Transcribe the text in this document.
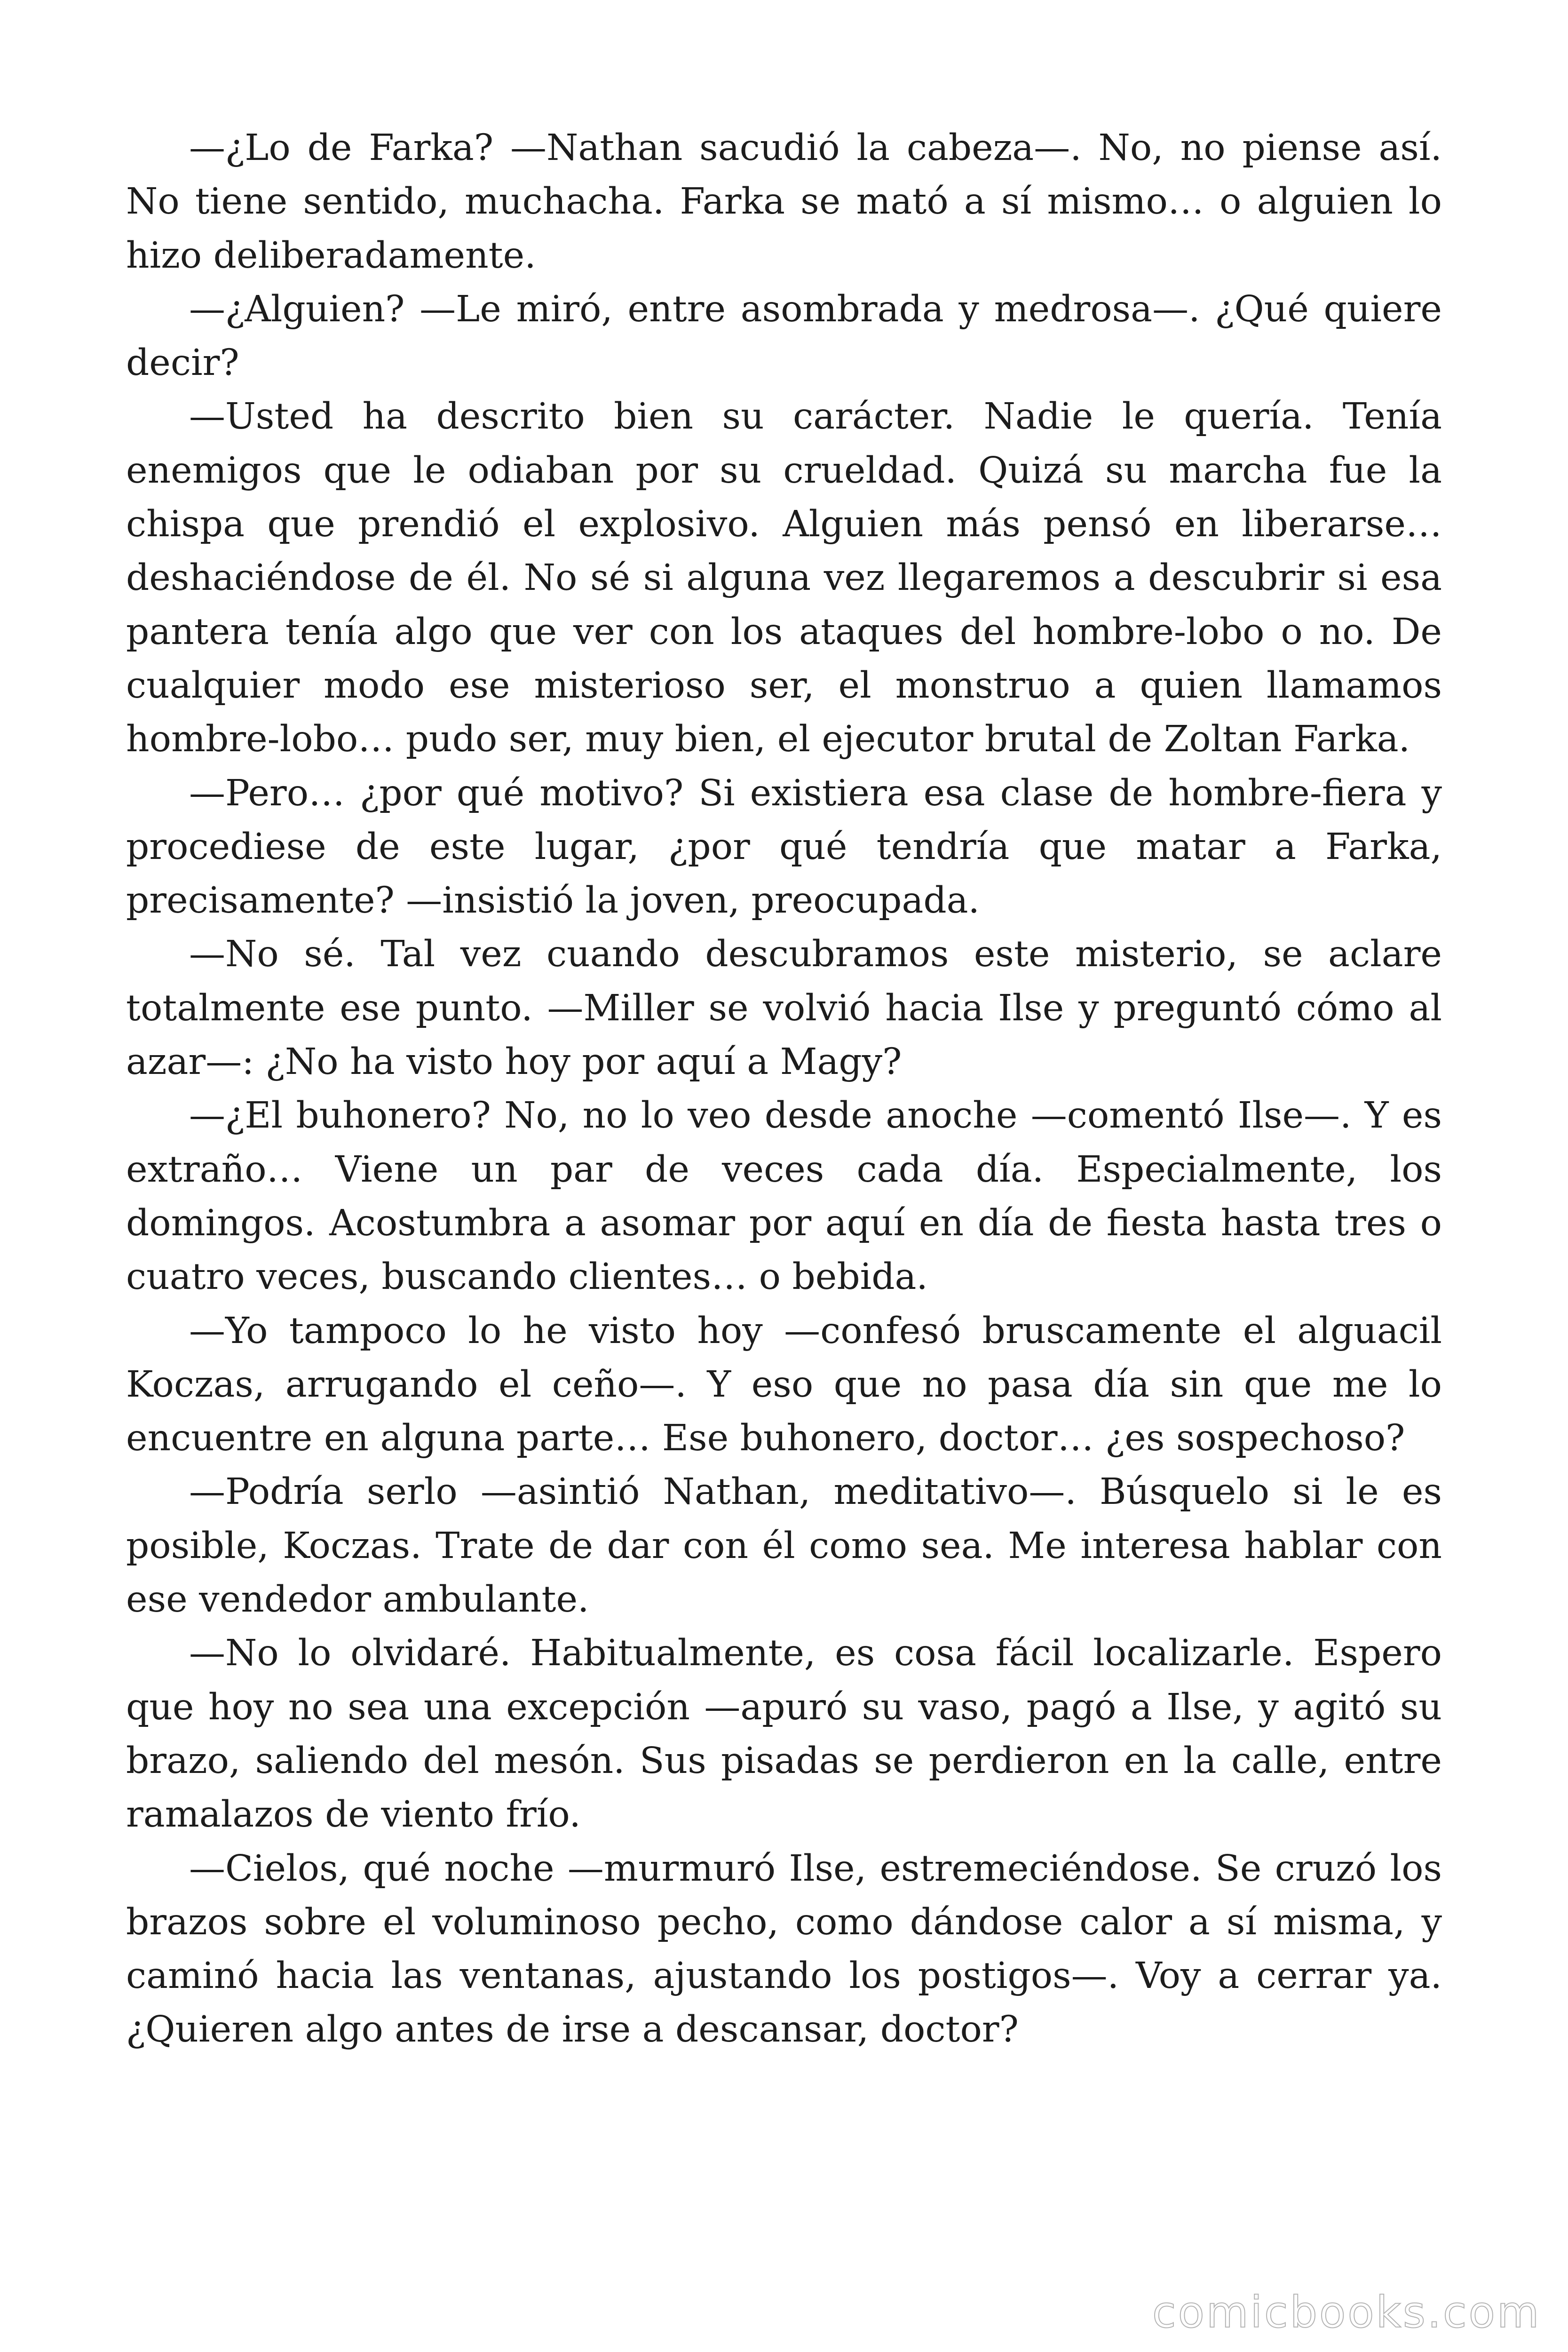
—¿Lo de Farka? —Nathan sacudió la cabeza—. No, no piense así. No tiene sentido, muchacha. Farka se mató a sí mismo… o alguien lo hizo deliberadamente.

—¿Alguien? —Le miró, entre asombrada y medrosa—. ¿Qué quiere decir?

—Usted ha descrito bien su carácter. Nadie le quería. Tenía enemigos que le odiaban por su crueldad. Quizá su marcha fue la chispa que prendió el explosivo. Alguien más pensó en liberarse… deshaciéndose de él. No sé si alguna vez llegaremos a descubrir si esa pantera tenía algo que ver con los ataques del hombre-lobo o no. De cualquier modo ese misterioso ser, el monstruo a quien llamamos hombre-lobo… pudo ser, muy bien, el ejecutor brutal de Zoltan Farka.

—Pero… ¿por qué motivo? Si existiera esa clase de hombre-fiera y procediese de este lugar, ¿por qué tendría que matar a Farka, precisamente? —insistió la joven, preocupada.

—No sé. Tal vez cuando descubramos este misterio, se aclare totalmente ese punto. —Miller se volvió hacia Ilse y preguntó cómo al azar—: ¿No ha visto hoy por aquí a Magy?

—¿El buhonero? No, no lo veo desde anoche —comentó Ilse—. Y es extraño… Viene un par de veces cada día. Especialmente, los domingos. Acostumbra a asomar por aquí en día de fiesta hasta tres o cuatro veces, buscando clientes… o bebida.

—Yo tampoco lo he visto hoy —confesó bruscamente el alguacil Koczas, arrugando el ceño—. Y eso que no pasa día sin que me lo encuentre en alguna parte… Ese buhonero, doctor… ¿es sospechoso?

—Podría serlo —asintió Nathan, meditativo—. Búsquelo si le es posible, Koczas. Trate de dar con él como sea. Me interesa hablar con ese vendedor ambulante.

—No lo olvidaré. Habitualmente, es cosa fácil localizarle. Espero que hoy no sea una excepción —apuró su vaso, pagó a Ilse, y agitó su brazo, saliendo del mesón. Sus pisadas se perdieron en la calle, entre ramalazos de viento frío.

—Cielos, qué noche —murmuró Ilse, estremeciéndose. Se cruzó los brazos sobre el voluminoso pecho, como dándose calor a sí misma, y caminó hacia las ventanas, ajustando los postigos—. Voy a cerrar ya. ¿Quieren algo antes de irse a descansar, doctor?

comicbooks.com
